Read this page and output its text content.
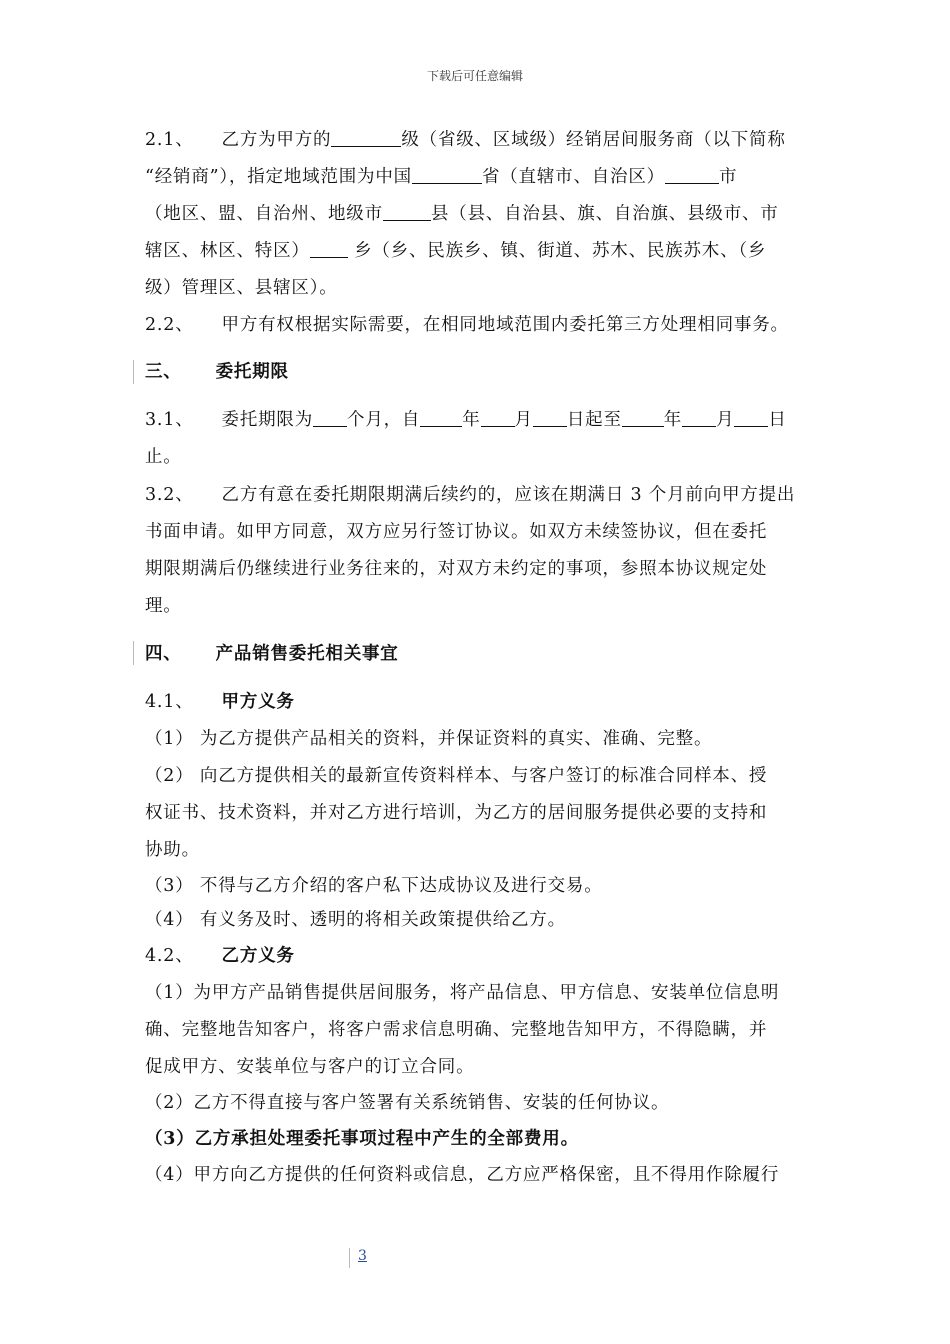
下载后可任意编辑
2.1、 乙方为甲方的	级（省级、区域级）经销居间服务商（以下简称
“经销商”），指定地域范围为中国	省（直辖市、自治区）	市
（地区、盟、自治州、地级市	县（县、自治县、旗、自治旗、县级市、市
辖区、林区、特区）	乡（乡、民族乡、镇、街道、苏木、民族苏木、（乡
级）管理区、县辖区）。
2.2、 甲方有权根据实际需要，在相同地域范围内委托第三方处理相同事务。
三、 委托期限
3.1、 委托期限为 个月，自 年 月 日起至 年 月 日
止。
3.2、 乙方有意在委托期限期满后续约的，应该在期满日 3 个月前向甲方提出
书面申请。如甲方同意，双方应另行签订协议。如双方未续签协议，但在委托
期限期满后仍继续进行业务往来的，对双方未约定的事项，参照本协议规定处
理。
四、 产品销售委托相关事宜
4.1、 甲方义务
（1） 为乙方提供产品相关的资料，并保证资料的真实、准确、完整。
（2） 向乙方提供相关的最新宣传资料样本、与客户签订的标准合同样本、授
权证书、技术资料，并对乙方进行培训，为乙方的居间服务提供必要的支持和
协助。
（3） 不得与乙方介绍的客户私下达成协议及进行交易。
（4） 有义务及时、透明的将相关政策提供给乙方。
4.2、 乙方义务
（1）为甲方产品销售提供居间服务，将产品信息、甲方信息、安装单位信息明
确、完整地告知客户，将客户需求信息明确、完整地告知甲方，不得隐瞒，并
促成甲方、安装单位与客户的订立合同。
（2）乙方不得直接与客户签署有关系统销售、安装的任何协议。
（3）乙方承担处理委托事项过程中产生的全部费用。
（4）甲方向乙方提供的任何资料或信息，乙方应严格保密，且不得用作除履行
3
